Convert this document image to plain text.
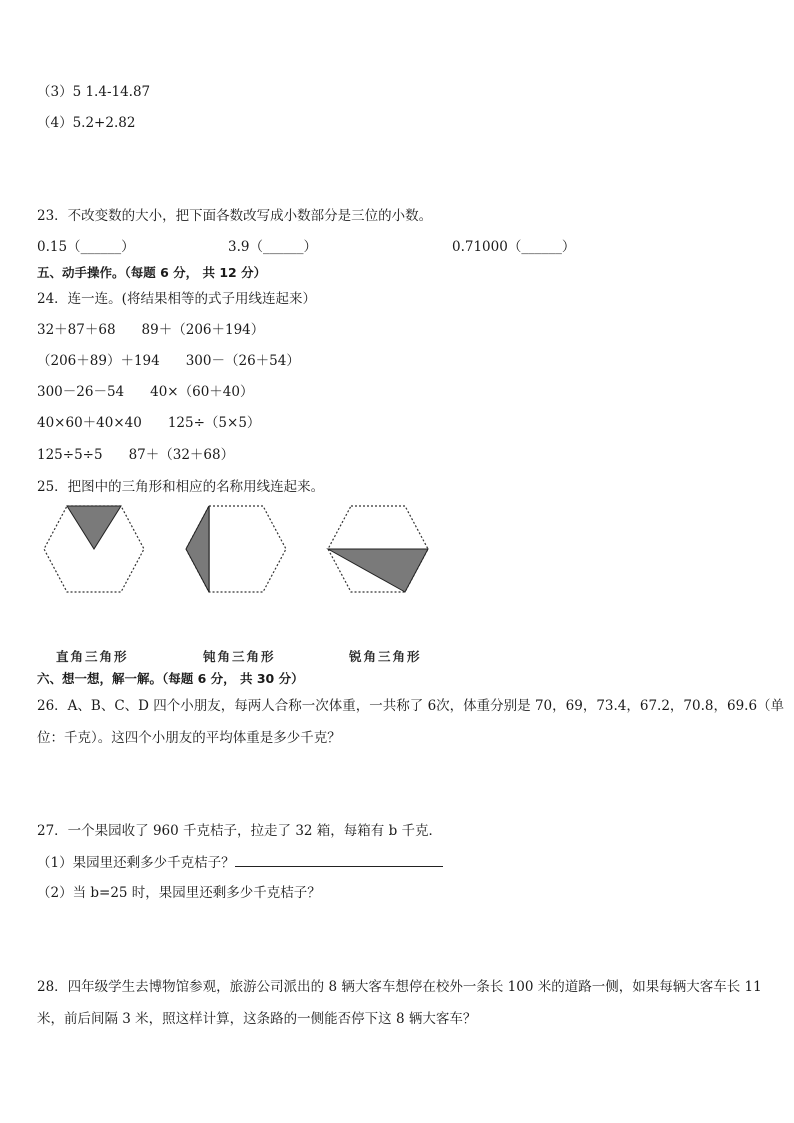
（3）5 1.4-14.87
（4）5.2+2.82
23．不改变数的大小，把下面各数改写成小数部分是三位的小数。
0.15（______）	3.9（______）	0.71000（______）
五、动手操作。（每题 6 分， 共 12 分）
24．连一连。(将结果相等的式子用线连起来）
32＋87＋68 89＋（206＋194）
（206＋89）＋194 300－（26＋54）
300－26－54 40×（60＋40）
40×60＋40×40 125÷（5×5）
125÷5÷5 87＋（32＋68）
25．把图中的三角形和相应的名称用线连起来。
直角三角形	钝角三角形	锐角三角形
六、想一想，解一解。（每题 6 分， 共 30 分）
26．A、B、C、D 四个小朋友，每两人合称一次体重，一共称了 6次，体重分别是 70，69，73.4，67.2，70.8，69.6（单
位：千克）。这四个小朋友的平均体重是多少千克？
27．一个果园收了 960 千克桔子，拉走了 32 箱，每箱有 b 千克．
（1）果园里还剩多少千克桔子？
（2）当 b=25 时，果园里还剩多少千克桔子？
28．四年级学生去博物馆参观，旅游公司派出的 8 辆大客车想停在校外一条长 100 米的道路一侧，如果每辆大客车长 11
米，前后间隔 3 米，照这样计算，这条路的一侧能否停下这 8 辆大客车？
